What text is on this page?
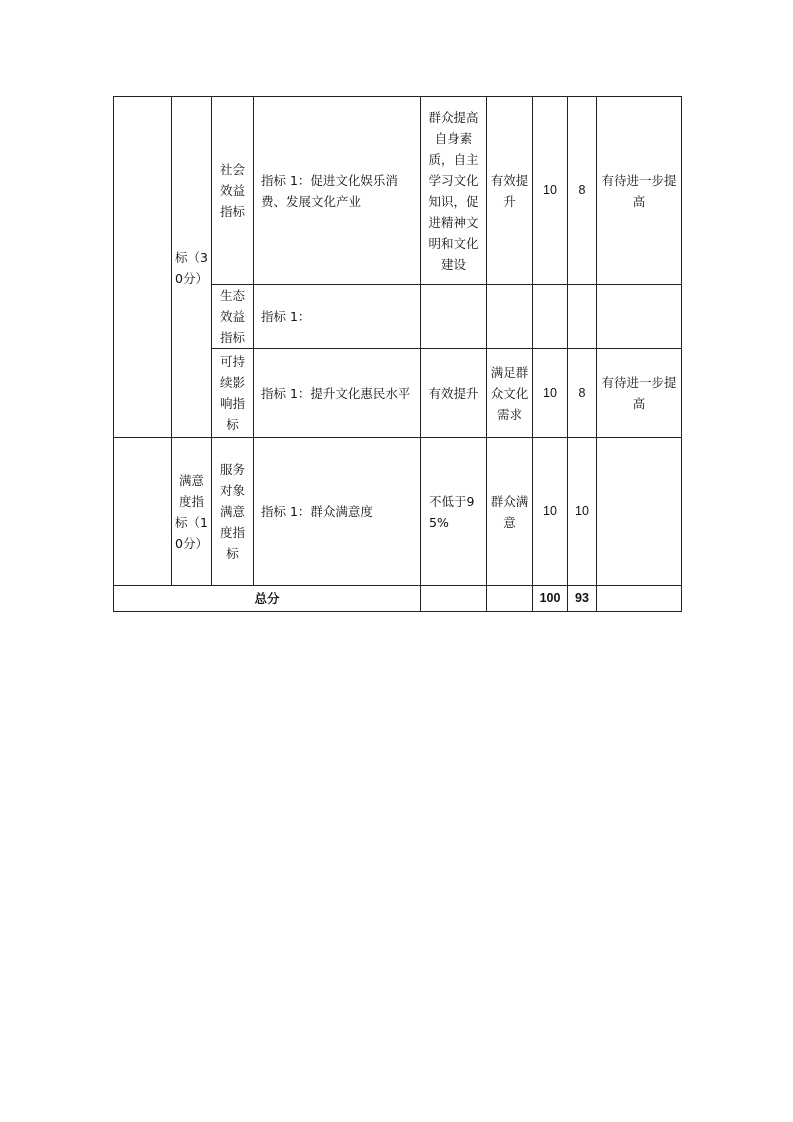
	标（30分）	社会效益指标	指标 1：促进文化娱乐消费、发展文化产业	群众提高自身素质，自主学习文化知识，促进精神文明和文化建设	有效提升	10	8	有待进一步提高
		生态效益指标	指标 1：					
		可持续影响指标	指标 1：提升文化惠民水平	有效提升	满足群众文化需求	10	8	有待进一步提高
	满意度指标（10分）	服务对象满意度指标	指标 1：群众满意度	不低于95%	群众满意	10	10	
总分						100	93	
